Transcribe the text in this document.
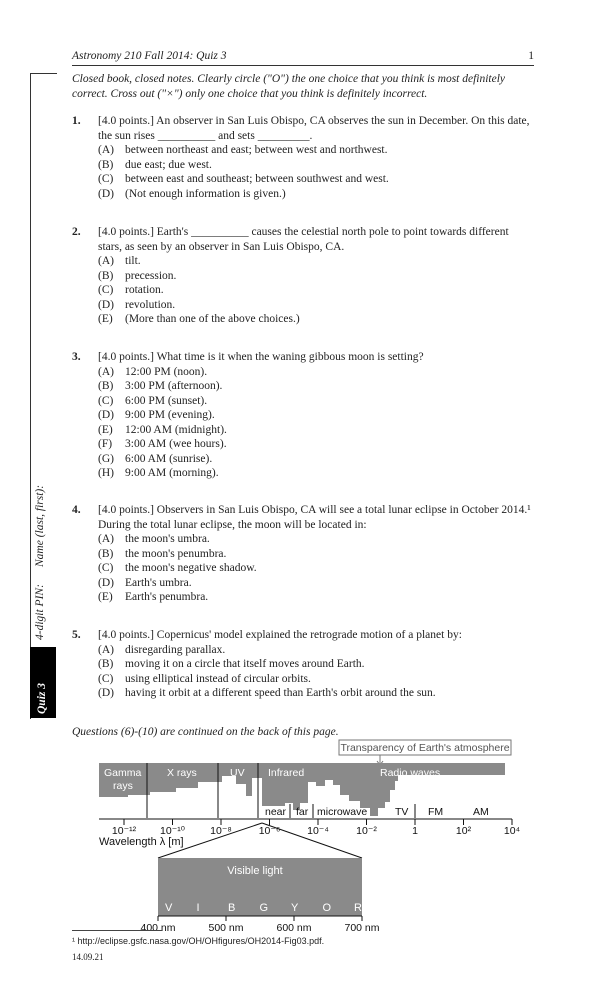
Astronomy 210 Fall 2014: Quiz 3	1
Quiz 3
4-digit PIN:
Name (last, first):
Closed book, closed notes. Clearly circle ("O") the one choice that you think is most definitely correct. Cross out ("×") only one choice that you think is definitely incorrect.
1. [4.0 points.] An observer in San Luis Obispo, CA observes the sun in December. On this date, the sun rises __________ and sets _________.
(A) between northeast and east; between west and northwest.
(B)	due east; due west.
(C)	between east and southeast; between southwest and west.
(D) (Not enough information is given.)
2. [4.0 points.] Earth's __________ causes the celestial north pole to point towards different stars, as seen by an observer in San Luis Obispo, CA.
(A) tilt.
(B)	precession.
(C)	rotation.
(D) revolution.
(E)	(More than one of the above choices.)
3. [4.0 points.] What time is it when the waning gibbous moon is setting?
(A) 12:00 PM (noon).
(B)	3:00 PM (afternoon).
(C)	6:00 PM (sunset).
(D) 9:00 PM (evening).
(E)	12:00 AM (midnight).
(F)	3:00 AM (wee hours).
(G) 6:00 AM (sunrise).
(H) 9:00 AM (morning).
4. [4.0 points.] Observers in San Luis Obispo, CA will see a total lunar eclipse in October 2014.¹ During the total lunar eclipse, the moon will be located in:
(A) the moon's umbra.
(B)	the moon's penumbra.
(C)	the moon's negative shadow.
(D) Earth's umbra.
(E)	Earth's penumbra.
5. [4.0 points.] Copernicus' model explained the retrograde motion of a planet by:
(A) disregarding parallax.
(B)	moving it on a circle that itself moves around Earth.
(C)	using elliptical instead of circular orbits.
(D) having it orbit at a different speed than Earth's orbit around the sun.
Questions (6)-(10) are continued on the back of this page.
Transparency of Earth's atmosphere
Gamma
rays
X rays	UV Infrared	Radio waves
near far microwave	TV FM	AM
10⁻¹² 10⁻¹⁰ 10⁻⁸	10⁻⁶	10⁻⁴	10⁻²	1	10²	10⁴
Wavelength λ [m]
Visible light
V I	B G Y O R
400 nm	500 nm	600 nm	700 nm
¹ http://eclipse.gsfc.nasa.gov/OH/OHfigures/OH2014-Fig03.pdf.
14.09.21
